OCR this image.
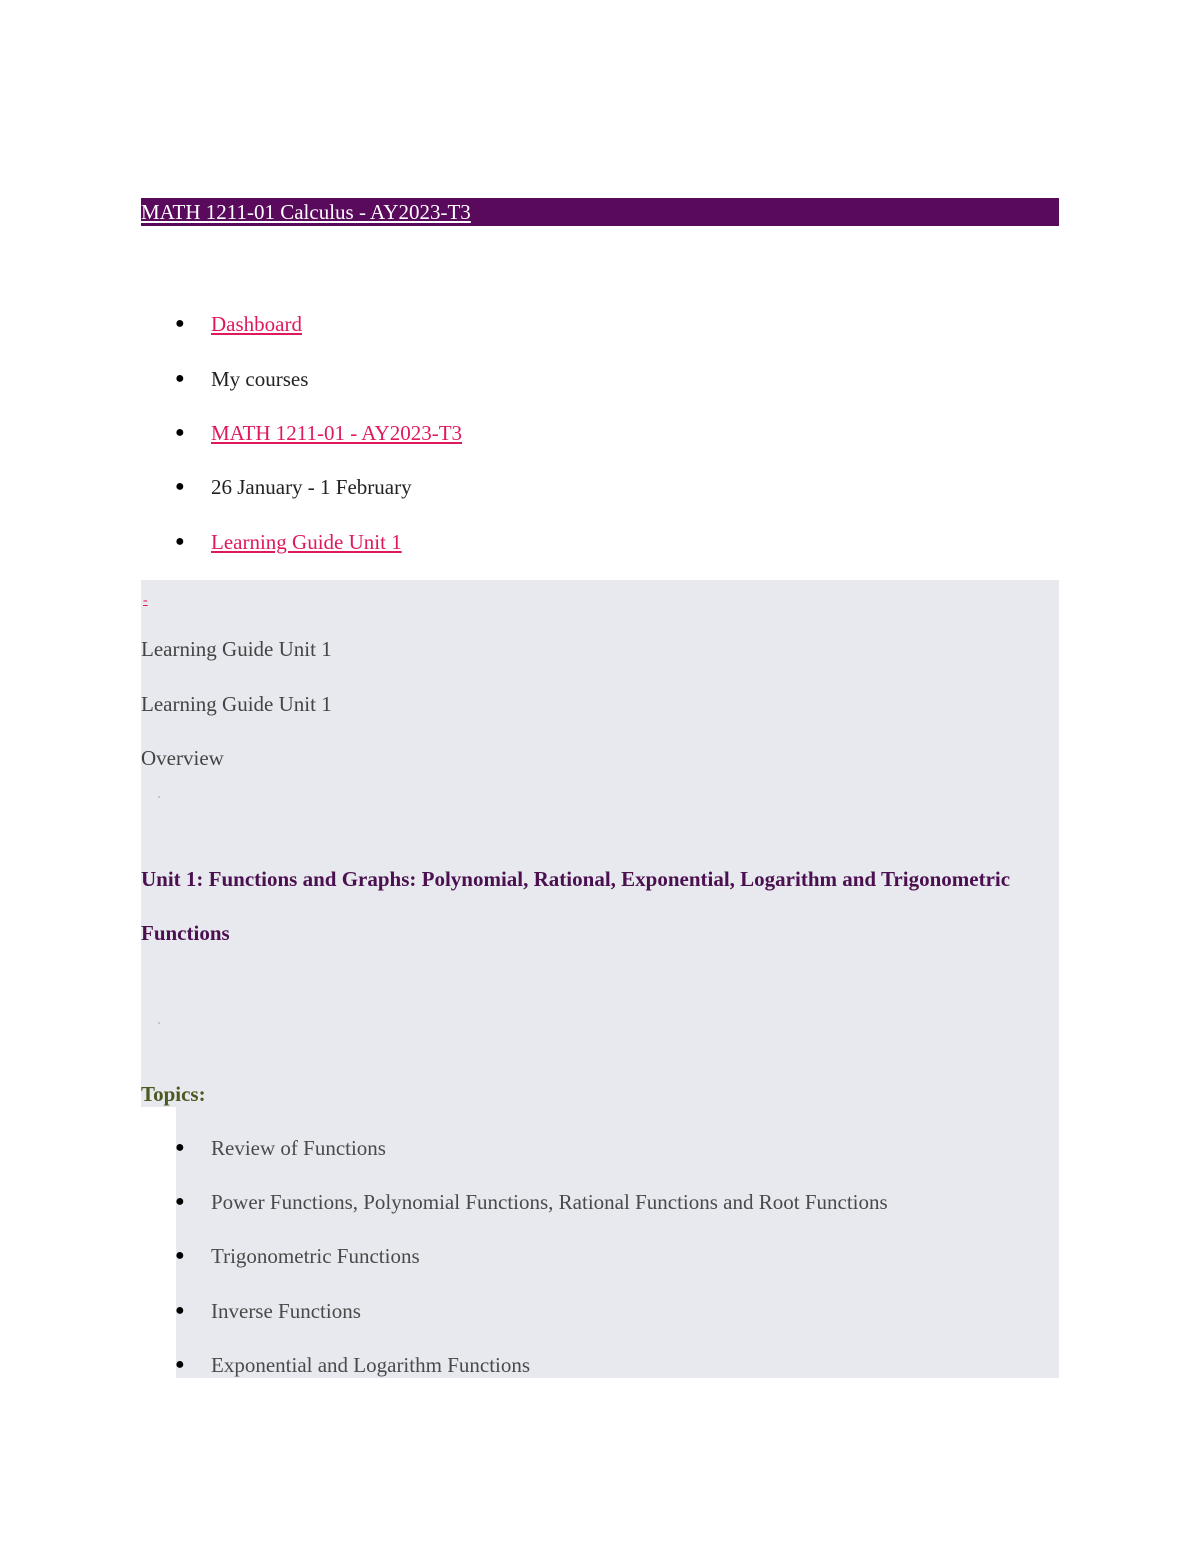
MATH 1211-01 Calculus - AY2023-T3
● Dashboard
● My courses
● MATH 1211-01 - AY2023-T3
● 26 January - 1 February
● Learning Guide Unit 1
-
Learning Guide Unit 1
Learning Guide Unit 1
Overview
Unit 1: Functions and Graphs: Polynomial, Rational, Exponential, Logarithm and Trigonometric Functions
Topics:
● Review of Functions
● Power Functions, Polynomial Functions, Rational Functions and Root Functions
● Trigonometric Functions
● Inverse Functions
● Exponential and Logarithm Functions
